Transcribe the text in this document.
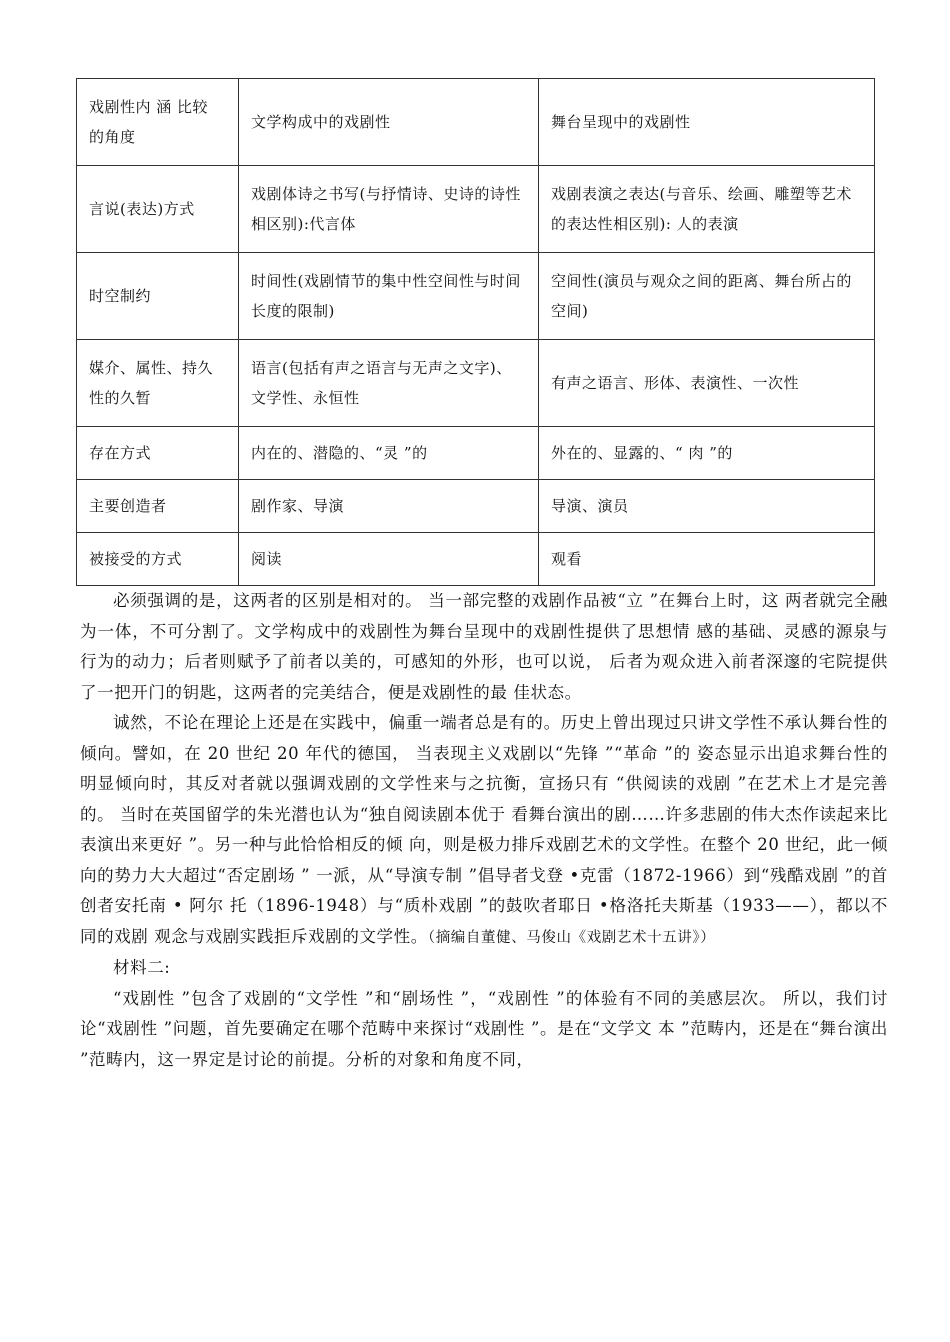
戏剧性内 涵 比较 的角度	文学构成中的戏剧性	舞台呈现中的戏剧性
言说(表达)方式	戏剧体诗之书写(与抒情诗、史诗的诗性相区别):代言体	戏剧表演之表达(与音乐、绘画、雕塑等艺术的表达性相区别): 人的表演
时空制约	时间性(戏剧情节的集中性空间性与时间长度的限制)	空间性(演员与观众之间的距离、舞台所占的空间)
媒介、属性、持久性的久暂	语言(包括有声之语言与无声之文字)、文学性、永恒性	有声之语言、形体、表演性、一次性
存在方式	内在的、潜隐的、“灵 ”的	外在的、显露的、“ 肉 ”的
主要创造者	剧作家、导演	导演、演员
被接受的方式	阅读	观看

必须强调的是，这两者的区别是相对的。 当一部完整的戏剧作品被“立 ”在舞台上时，这 两者就完全融为一体，不可分割了。文学构成中的戏剧性为舞台呈现中的戏剧性提供了思想情 感的基础、灵感的源泉与行为的动力；后者则赋予了前者以美的，可感知的外形，也可以说， 后者为观众进入前者深邃的宅院提供了一把开门的钥匙，这两者的完美结合，便是戏剧性的最 佳状态。

诚然，不论在理论上还是在实践中，偏重一端者总是有的。历史上曾出现过只讲文学性不承认舞台性的倾向。譬如，在 20 世纪 20 年代的德国， 当表现主义戏剧以“先锋 ”“革命 ”的 姿态显示出追求舞台性的明显倾向时，其反对者就以强调戏剧的文学性来与之抗衡，宣扬只有 “供阅读的戏剧 ”在艺术上才是完善的。 当时在英国留学的朱光潜也认为“独自阅读剧本优于 看舞台演出的剧……许多悲剧的伟大杰作读起来比表演出来更好 ”。另一种与此恰恰相反的倾 向，则是极力排斥戏剧艺术的文学性。在整个 20 世纪，此一倾向的势力大大超过“否定剧场 ” 一派，从“导演专制 ”倡导者戈登 •克雷（1872-1966）到“残酷戏剧 ”的首创者安托南 • 阿尔 托（1896-1948）与“质朴戏剧 ”的鼓吹者耶日 •格洛托夫斯基（1933——），都以不同的戏剧 观念与戏剧实践拒斥戏剧的文学性。（摘编自董健、马俊山《戏剧艺术十五讲》）

材料二:

“戏剧性 ”包含了戏剧的“文学性 ”和“剧场性 ”，“戏剧性 ”的体验有不同的美感层次。 所以，我们讨论“戏剧性 ”问题，首先要确定在哪个范畴中来探讨“戏剧性 ”。是在“文学文 本 ”范畴内，还是在“舞台演出 ”范畴内，这一界定是讨论的前提。分析的对象和角度不同，
